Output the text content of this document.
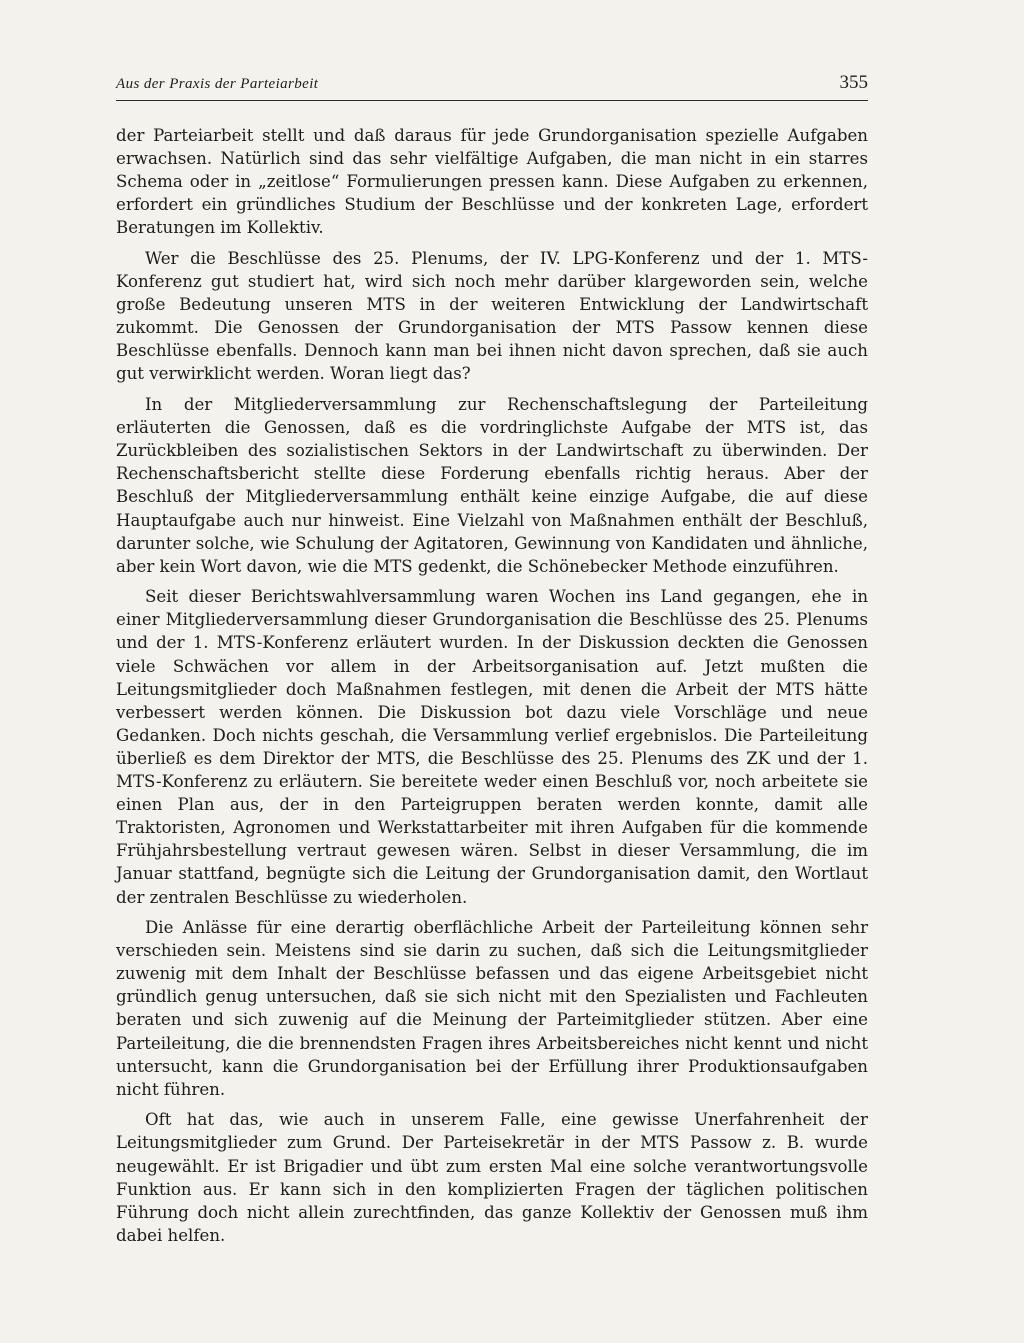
Aus der Praxis der Parteiarbeit	355

der Parteiarbeit stellt und daß daraus für jede Grundorganisation spezielle Aufgaben erwachsen. Natürlich sind das sehr vielfältige Aufgaben, die man nicht in ein starres Schema oder in „zeitlose“ Formulierungen pressen kann. Diese Aufgaben zu erkennen, erfordert ein gründliches Studium der Beschlüsse und der konkreten Lage, erfordert Beratungen im Kollektiv.

Wer die Beschlüsse des 25. Plenums, der IV. LPG-Konferenz und der 1. MTS-Konferenz gut studiert hat, wird sich noch mehr darüber klargeworden sein, welche große Bedeutung unseren MTS in der weiteren Entwicklung der Landwirtschaft zukommt. Die Genossen der Grundorganisation der MTS Passow kennen diese Beschlüsse ebenfalls. Dennoch kann man bei ihnen nicht davon sprechen, daß sie auch gut verwirklicht werden. Woran liegt das?

In der Mitgliederversammlung zur Rechenschaftslegung der Parteileitung erläuterten die Genossen, daß es die vordringlichste Aufgabe der MTS ist, das Zurückbleiben des sozialistischen Sektors in der Landwirtschaft zu überwinden. Der Rechenschaftsbericht stellte diese Forderung ebenfalls richtig heraus. Aber der Beschluß der Mitgliederversammlung enthält keine einzige Aufgabe, die auf diese Hauptaufgabe auch nur hinweist. Eine Vielzahl von Maßnahmen enthält der Beschluß, darunter solche, wie Schulung der Agitatoren, Gewinnung von Kandidaten und ähnliche, aber kein Wort davon, wie die MTS gedenkt, die Schönebecker Methode einzuführen.

Seit dieser Berichtswahlversammlung waren Wochen ins Land gegangen, ehe in einer Mitgliederversammlung dieser Grundorganisation die Beschlüsse des 25. Plenums und der 1. MTS-Konferenz erläutert wurden. In der Diskussion deckten die Genossen viele Schwächen vor allem in der Arbeitsorganisation auf. Jetzt mußten die Leitungsmitglieder doch Maßnahmen festlegen, mit denen die Arbeit der MTS hätte verbessert werden können. Die Diskussion bot dazu viele Vorschläge und neue Gedanken. Doch nichts geschah, die Versammlung verlief ergebnislos. Die Parteileitung überließ es dem Direktor der MTS, die Beschlüsse des 25. Plenums des ZK und der 1. MTS-Konferenz zu erläutern. Sie bereitete weder einen Beschluß vor, noch arbeitete sie einen Plan aus, der in den Parteigruppen beraten werden konnte, damit alle Traktoristen, Agronomen und Werkstattarbeiter mit ihren Aufgaben für die kommende Frühjahrsbestellung vertraut gewesen wären. Selbst in dieser Versammlung, die im Januar stattfand, begnügte sich die Leitung der Grundorganisation damit, den Wortlaut der zentralen Beschlüsse zu wiederholen.

Die Anlässe für eine derartig oberflächliche Arbeit der Parteileitung können sehr verschieden sein. Meistens sind sie darin zu suchen, daß sich die Leitungsmitglieder zuwenig mit dem Inhalt der Beschlüsse befassen und das eigene Arbeitsgebiet nicht gründlich genug untersuchen, daß sie sich nicht mit den Spezialisten und Fachleuten beraten und sich zuwenig auf die Meinung der Parteimitglieder stützen. Aber eine Parteileitung, die die brennendsten Fragen ihres Arbeitsbereiches nicht kennt und nicht untersucht, kann die Grundorganisation bei der Erfüllung ihrer Produktionsaufgaben nicht führen.

Oft hat das, wie auch in unserem Falle, eine gewisse Unerfahrenheit der Leitungsmitglieder zum Grund. Der Parteisekretär in der MTS Passow z. B. wurde neugewählt. Er ist Brigadier und übt zum ersten Mal eine solche verantwortungsvolle Funktion aus. Er kann sich in den komplizierten Fragen der täglichen politischen Führung doch nicht allein zurechtfinden, das ganze Kollektiv der Genossen muß ihm dabei helfen.
